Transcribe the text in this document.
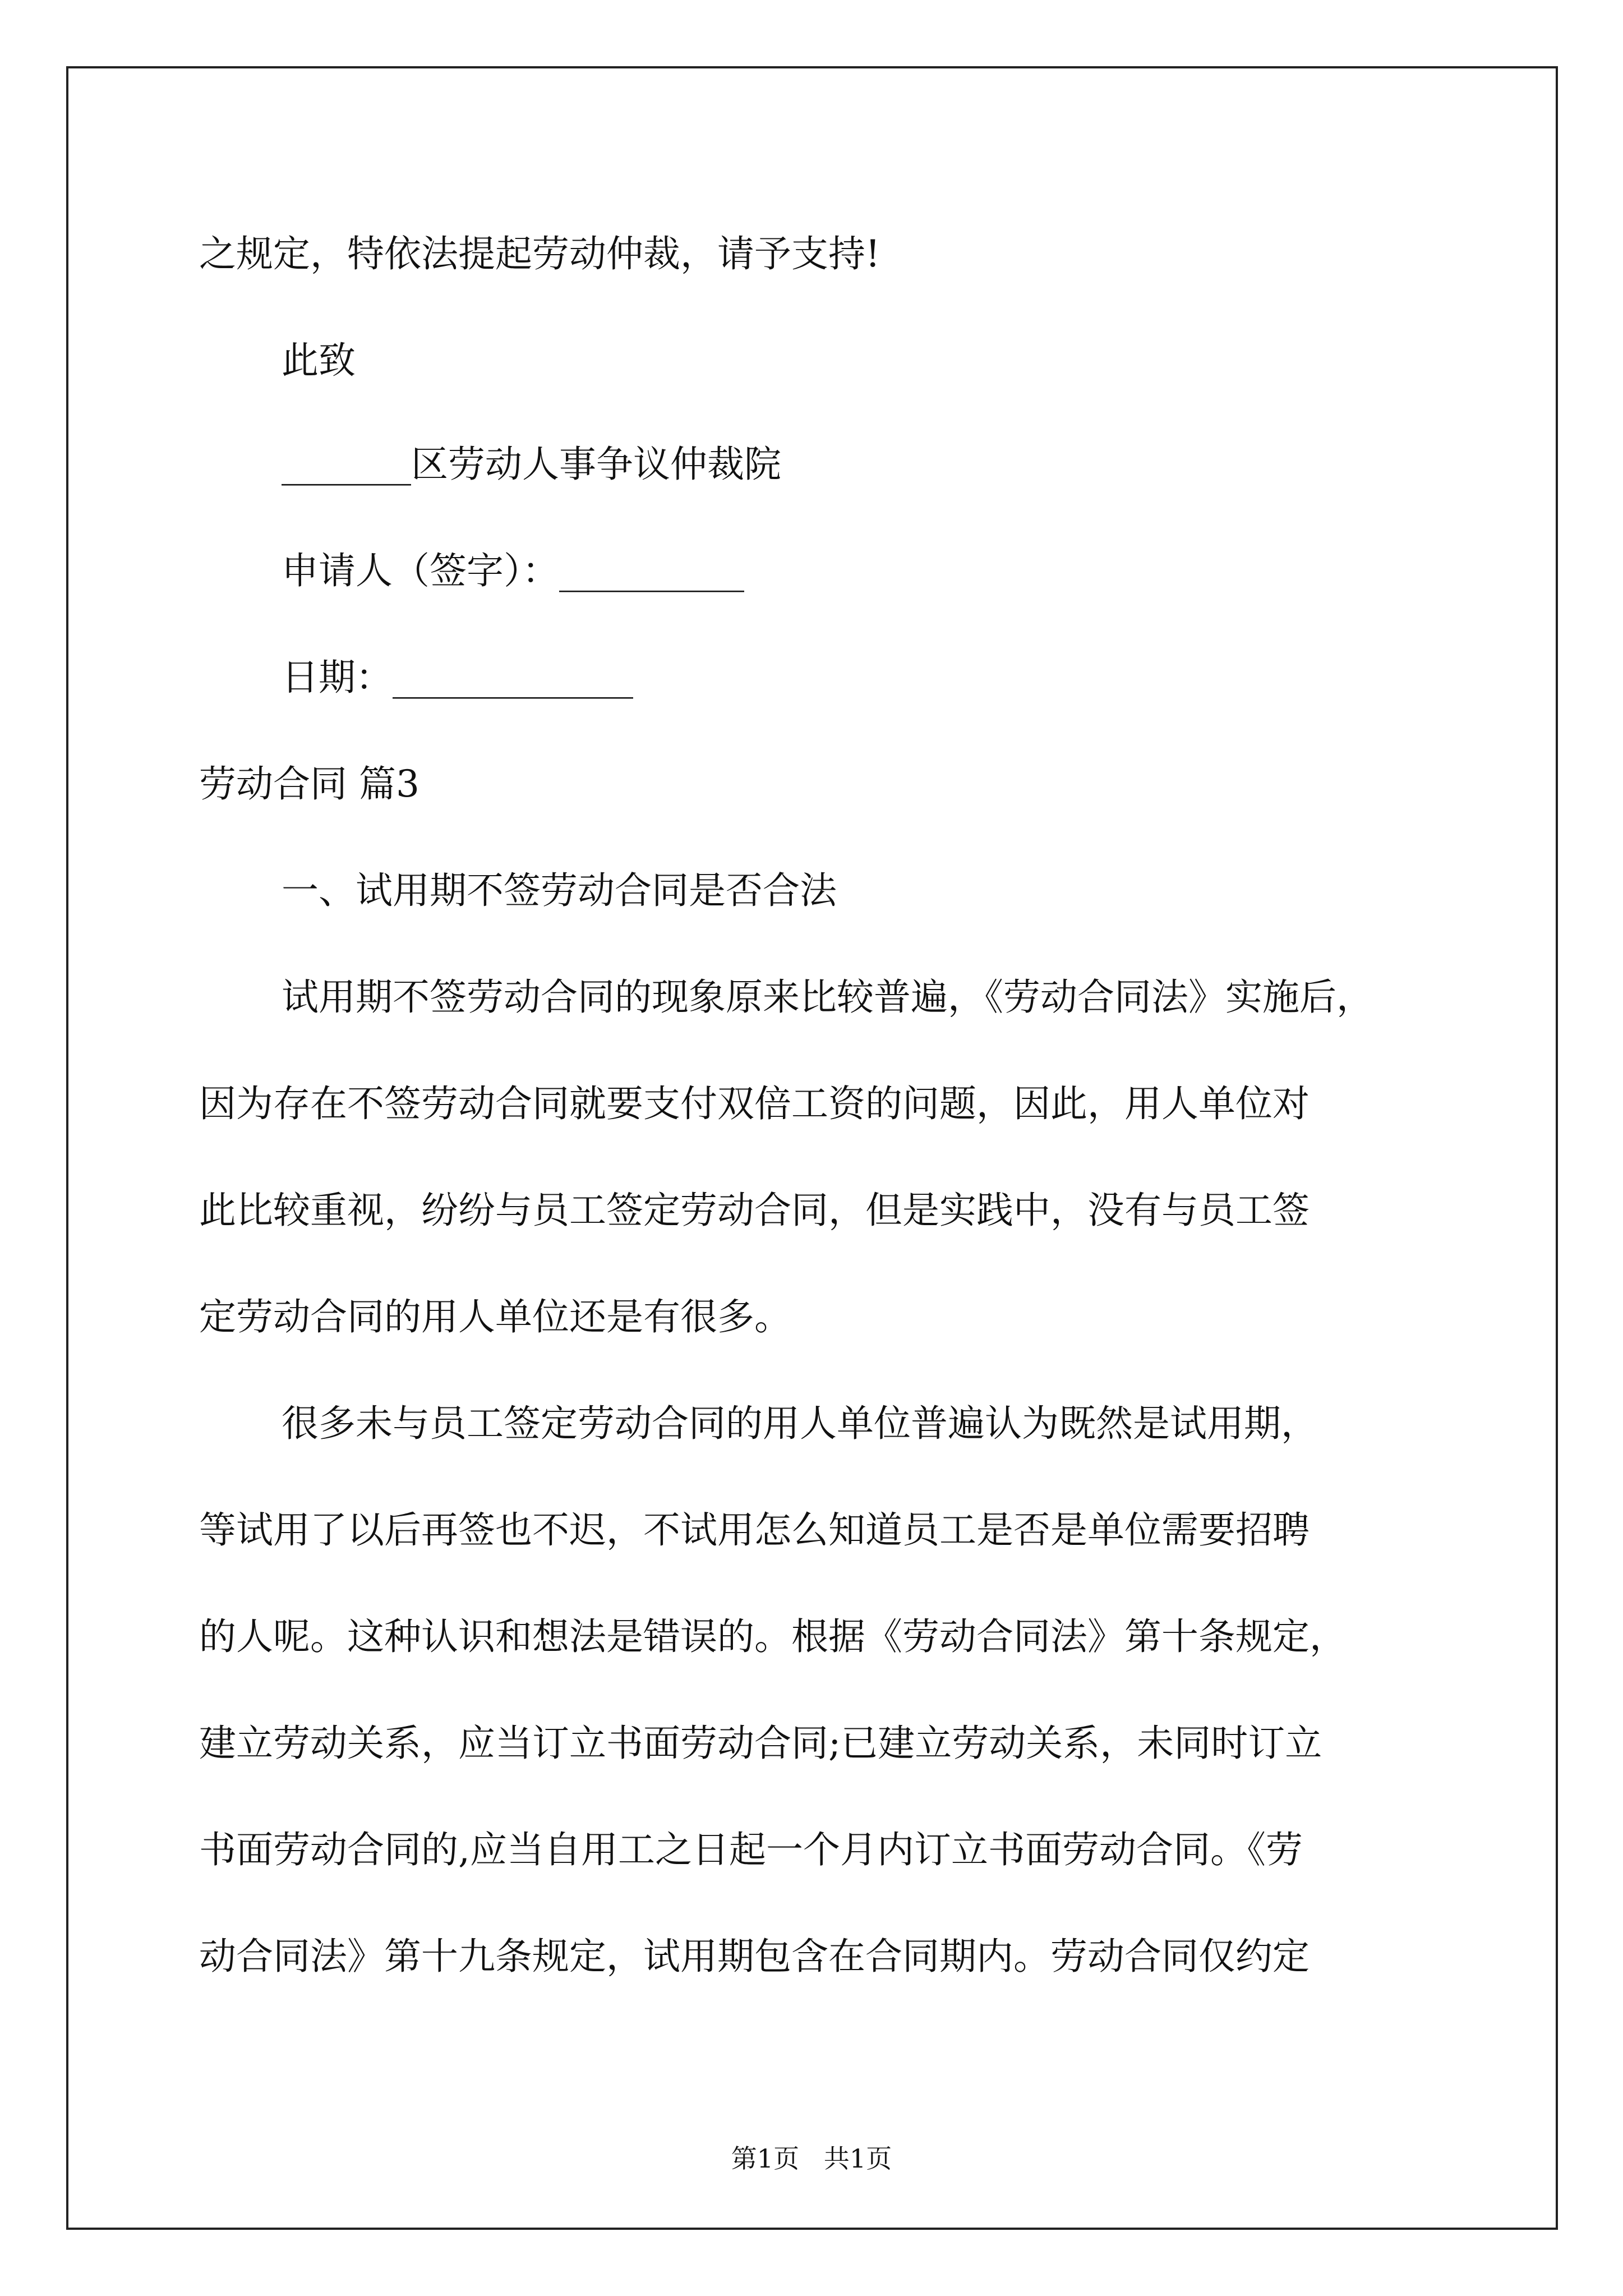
之规定，特依法提起劳动仲裁，请予支持!
此致
_______区劳动人事争议仲裁院
申请人（签字）：__________
日期：_____________
劳动合同 篇3
一、试用期不签劳动合同是否合法
试用期不签劳动合同的现象原来比较普遍，《劳动合同法》实施后，
因为存在不签劳动合同就要支付双倍工资的问题，因此，用人单位对
此比较重视，纷纷与员工签定劳动合同，但是实践中，没有与员工签
定劳动合同的用人单位还是有很多。
很多未与员工签定劳动合同的用人单位普遍认为既然是试用期，
等试用了以后再签也不迟，不试用怎么知道员工是否是单位需要招聘
的人呢。这种认识和想法是错误的。根据《劳动合同法》第十条规定，
建立劳动关系，应当订立书面劳动合同;已建立劳动关系，未同时订立
书面劳动合同的,应当自用工之日起一个月内订立书面劳动合同。《劳
动合同法》第十九条规定，试用期包含在合同期内。劳动合同仅约定
第1页   共1页
